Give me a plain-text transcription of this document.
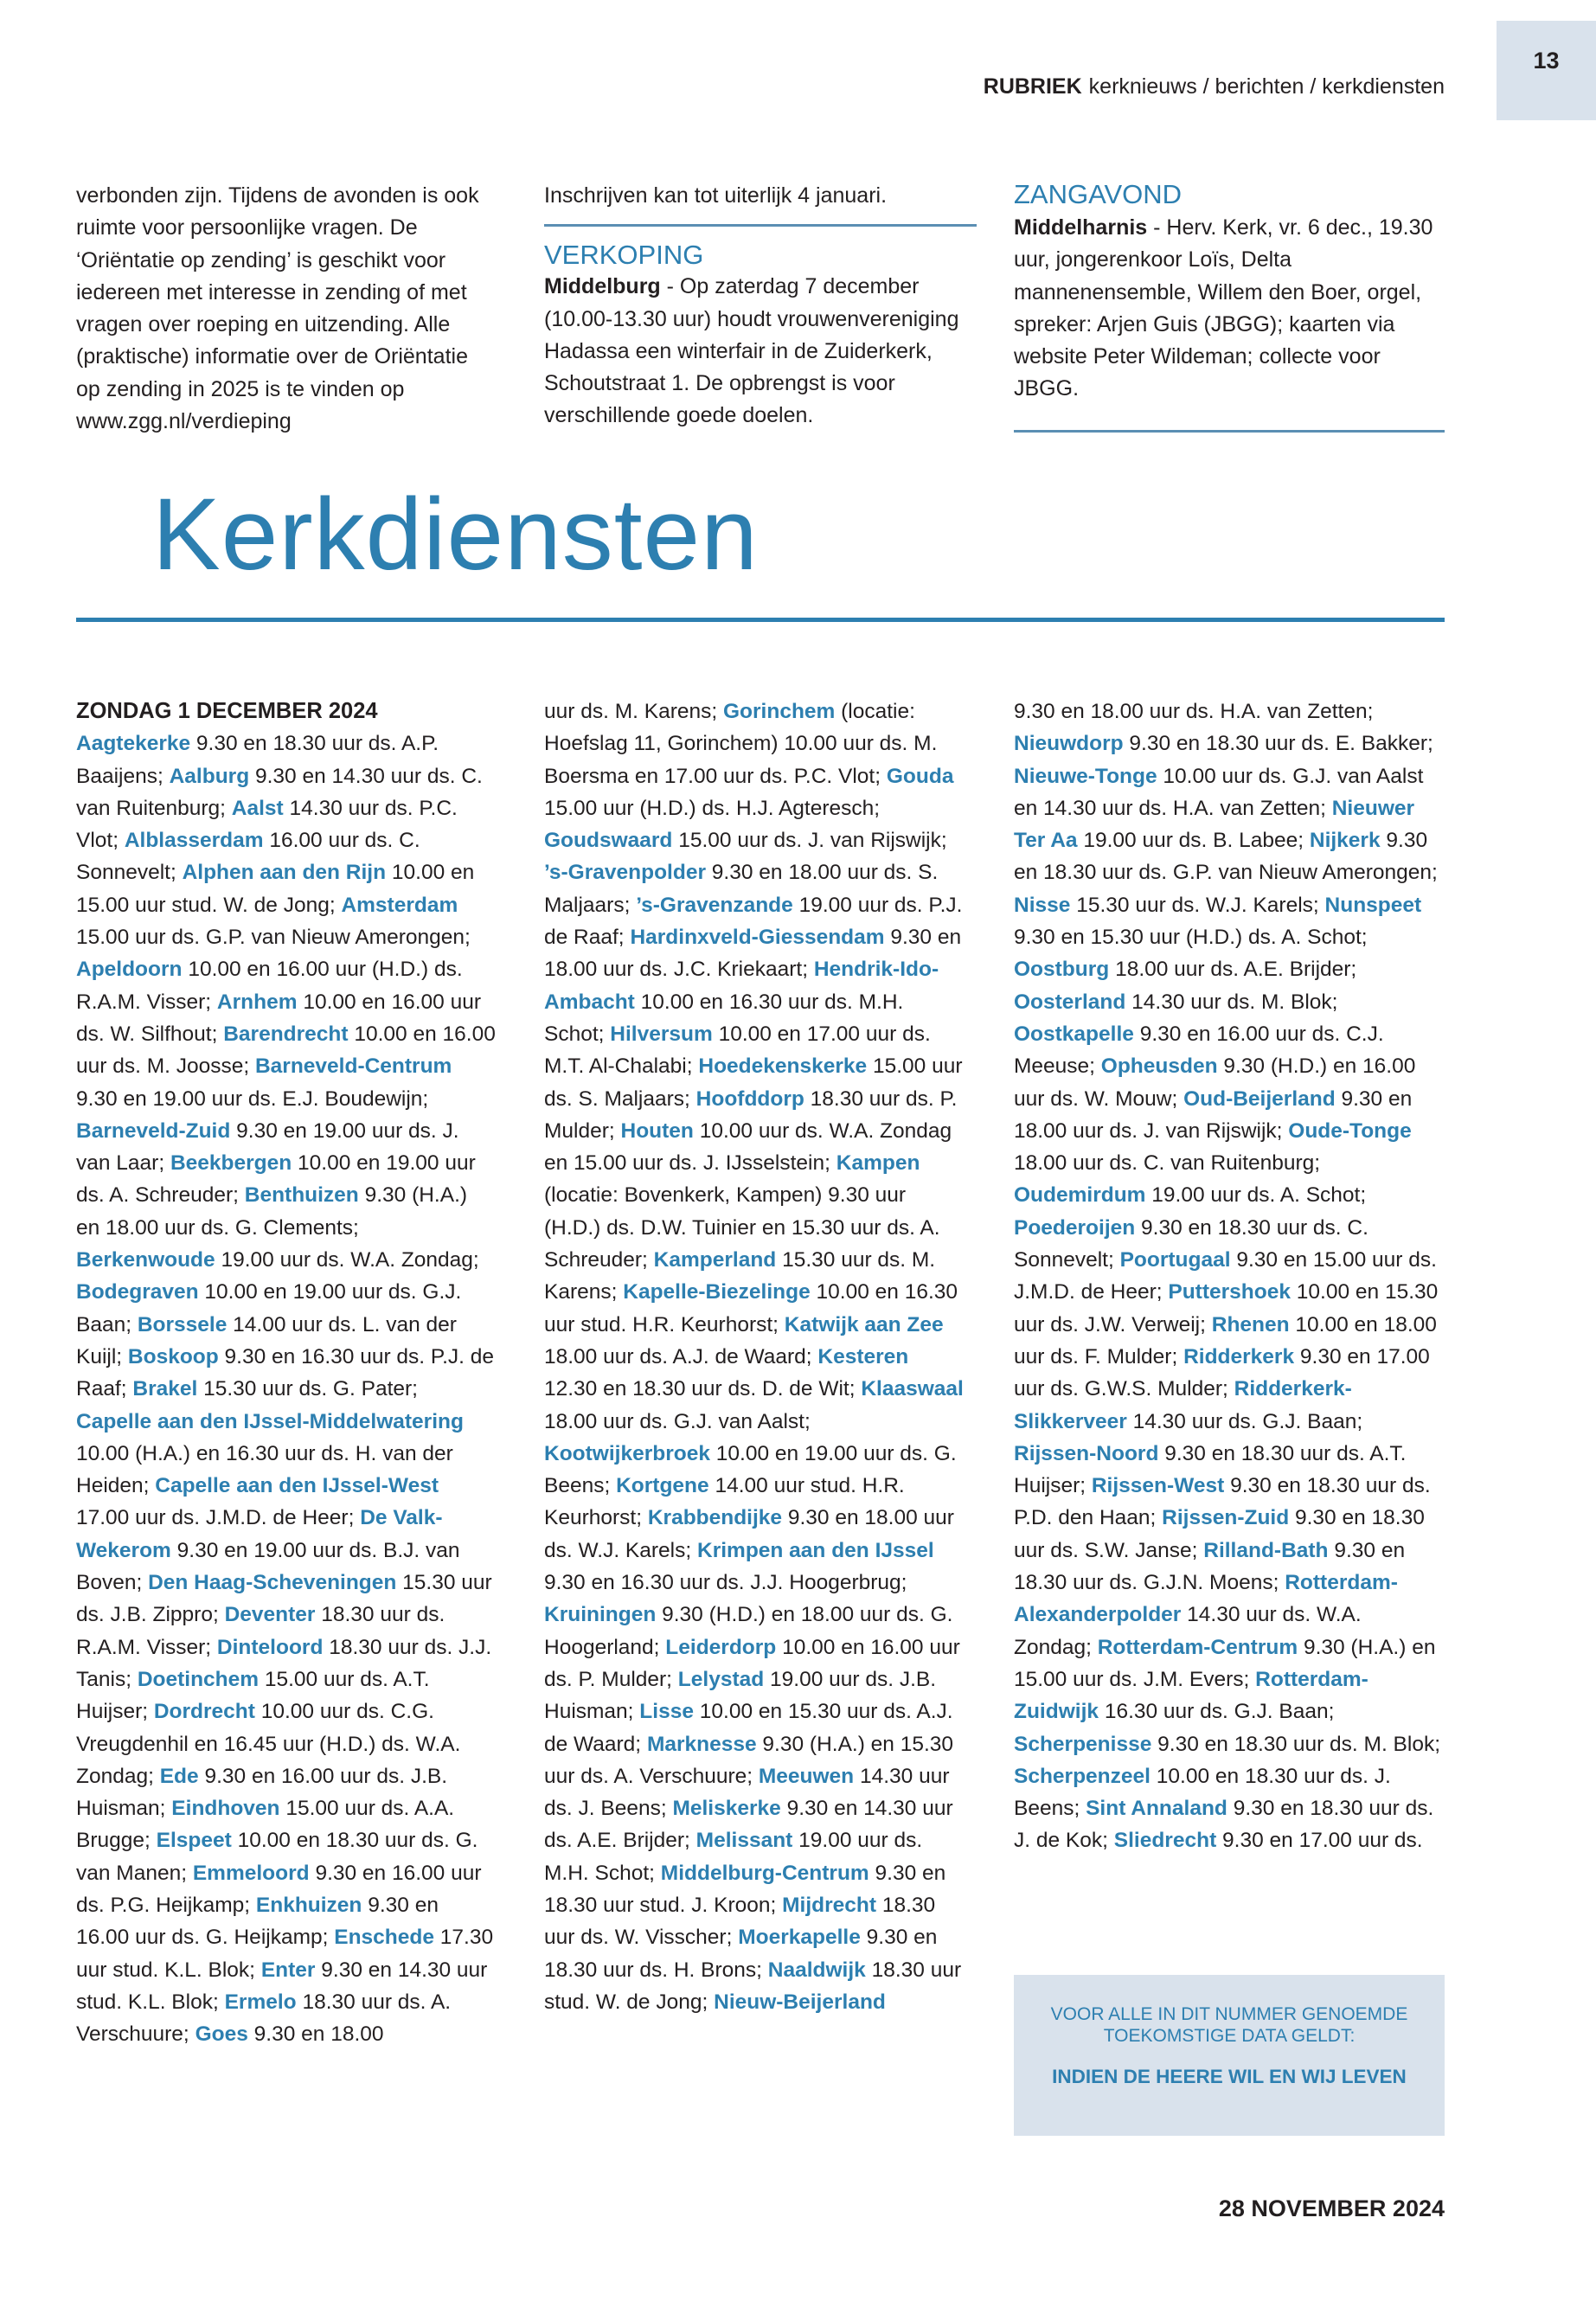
13
RUBRIEK kerknieuws / berichten / kerkdiensten

verbonden zijn. Tijdens de avonden is ook ruimte voor persoonlijke vragen. De ‘Oriëntatie op zending’ is geschikt voor iedereen met interesse in zending of met vragen over roeping en uitzending. Alle (praktische) informatie over de Oriëntatie op zending in 2025 is te vinden op www.zgg.nl/verdieping

Inschrijven kan tot uiterlijk 4 januari.

VERKOPING

Middelburg - Op zaterdag 7 december (10.00-13.30 uur) houdt vrouwenvereniging Hadassa een winterfair in de Zuiderkerk, Schoutstraat 1. De opbrengst is voor verschillende goede doelen.

ZANGAVOND

Middelharnis - Herv. Kerk, vr. 6 dec., 19.30 uur, jongerenkoor Loïs, Delta mannenensemble, Willem den Boer, orgel, spreker: Arjen Guis (JBGG); kaarten via website Peter Wildeman; collecte voor JBGG.

Kerkdiensten
ZONDAG 1 DECEMBER 2024
Aagtekerke 9.30 en 18.30 uur ds. A.P. Baaijens; Aalburg 9.30 en 14.30 uur ds. C. van Ruitenburg; Aalst 14.30 uur ds. P.C. Vlot; Alblasserdam 16.00 uur ds. C. Sonnevelt; Alphen aan den Rijn 10.00 en 15.00 uur stud. W. de Jong; Amsterdam 15.00 uur ds. G.P. van Nieuw Amerongen; Apeldoorn 10.00 en 16.00 uur (H.D.) ds. R.A.M. Visser; Arnhem 10.00 en 16.00 uur ds. W. Silfhout; Barendrecht 10.00 en 16.00 uur ds. M. Joosse; Barneveld-Centrum 9.30 en 19.00 uur ds. E.J. Boudewijn; Barneveld-Zuid 9.30 en 19.00 uur ds. J. van Laar; Beekbergen 10.00 en 19.00 uur ds. A. Schreuder; Benthuizen 9.30 (H.A.) en 18.00 uur ds. G. Clements; Berkenwoude 19.00 uur ds. W.A. Zondag; Bodegraven 10.00 en 19.00 uur ds. G.J. Baan; Borssele 14.00 uur ds. L. van der Kuijl; Boskoop 9.30 en 16.30 uur ds. P.J. de Raaf; Brakel 15.30 uur ds. G. Pater; Capelle aan den IJssel-Middelwatering 10.00 (H.A.) en 16.30 uur ds. H. van der Heiden; Capelle aan den IJssel-West 17.00 uur ds. J.M.D. de Heer; De Valk-Wekerom 9.30 en 19.00 uur ds. B.J. van Boven; Den Haag-Scheveningen 15.30 uur ds. J.B. Zippro; Deventer 18.30 uur ds. R.A.M. Visser; Dinteloord 18.30 uur ds. J.J. Tanis; Doetinchem 15.00 uur ds. A.T. Huijser; Dordrecht 10.00 uur ds. C.G. Vreugdenhil en 16.45 uur (H.D.) ds. W.A. Zondag; Ede 9.30 en 16.00 uur ds. J.B. Huisman; Eindhoven 15.00 uur ds. A.A. Brugge; Elspeet 10.00 en 18.30 uur ds. G. van Manen; Emmeloord 9.30 en 16.00 uur ds. P.G. Heijkamp; Enkhuizen 9.30 en 16.00 uur ds. G. Heijkamp; Enschede 17.30 uur stud. K.L. Blok; Enter 9.30 en 14.30 uur stud. K.L. Blok; Ermelo 18.30 uur ds. A. Verschuure; Goes 9.30 en 18.00
uur ds. M. Karens; Gorinchem (locatie: Hoefslag 11, Gorinchem) 10.00 uur ds. M. Boersma en 17.00 uur ds. P.C. Vlot; Gouda 15.00 uur (H.D.) ds. H.J. Agteresch; Goudswaard 15.00 uur ds. J. van Rijswijk; ’s-Gravenpolder 9.30 en 18.00 uur ds. S. Maljaars; ’s-Gravenzande 19.00 uur ds. P.J. de Raaf; Hardinxveld-Giessendam 9.30 en 18.00 uur ds. J.C. Kriekaart; Hendrik-Ido-Ambacht 10.00 en 16.30 uur ds. M.H. Schot; Hilversum 10.00 en 17.00 uur ds. M.T. Al-Chalabi; Hoedekenskerke 15.00 uur ds. S. Maljaars; Hoofddorp 18.30 uur ds. P. Mulder; Houten 10.00 uur ds. W.A. Zondag en 15.00 uur ds. J. IJsselstein; Kampen (locatie: Bovenkerk, Kampen) 9.30 uur (H.D.) ds. D.W. Tuinier en 15.30 uur ds. A. Schreuder; Kamperland 15.30 uur ds. M. Karens; Kapelle-Biezelinge 10.00 en 16.30 uur stud. H.R. Keurhorst; Katwijk aan Zee 18.00 uur ds. A.J. de Waard; Kesteren 12.30 en 18.30 uur ds. D. de Wit; Klaaswaal 18.00 uur ds. G.J. van Aalst; Kootwijkerbroek 10.00 en 19.00 uur ds. G. Beens; Kortgene 14.00 uur stud. H.R. Keurhorst; Krabbendijke 9.30 en 18.00 uur ds. W.J. Karels; Krimpen aan den IJssel 9.30 en 16.30 uur ds. J.J. Hoogerbrug; Kruiningen 9.30 (H.D.) en 18.00 uur ds. G. Hoogerland; Leiderdorp 10.00 en 16.00 uur ds. P. Mulder; Lelystad 19.00 uur ds. J.B. Huisman; Lisse 10.00 en 15.30 uur ds. A.J. de Waard; Marknesse 9.30 (H.A.) en 15.30 uur ds. A. Verschuure; Meeuwen 14.30 uur ds. J. Beens; Meliskerke 9.30 en 14.30 uur ds. A.E. Brijder; Melissant 19.00 uur ds. M.H. Schot; Middelburg-Centrum 9.30 en 18.30 uur stud. J. Kroon; Mijdrecht 18.30 uur ds. W. Visscher; Moerkapelle 9.30 en 18.30 uur ds. H. Brons; Naaldwijk 18.30 uur stud. W. de Jong; Nieuw-Beijerland
9.30 en 18.00 uur ds. H.A. van Zetten; Nieuwdorp 9.30 en 18.30 uur ds. E. Bakker; Nieuwe-Tonge 10.00 uur ds. G.J. van Aalst en 14.30 uur ds. H.A. van Zetten; Nieuwer Ter Aa 19.00 uur ds. B. Labee; Nijkerk 9.30 en 18.30 uur ds. G.P. van Nieuw Amerongen; Nisse 15.30 uur ds. W.J. Karels; Nunspeet 9.30 en 15.30 uur (H.D.) ds. A. Schot; Oostburg 18.00 uur ds. A.E. Brijder; Oosterland 14.30 uur ds. M. Blok; Oostkapelle 9.30 en 16.00 uur ds. C.J. Meeuse; Opheusden 9.30 (H.D.) en 16.00 uur ds. W. Mouw; Oud-Beijerland 9.30 en 18.00 uur ds. J. van Rijswijk; Oude-Tonge 18.00 uur ds. C. van Ruitenburg; Oudemirdum 19.00 uur ds. A. Schot; Poederoijen 9.30 en 18.30 uur ds. C. Sonnevelt; Poortugaal 9.30 en 15.00 uur ds. J.M.D. de Heer; Puttershoek 10.00 en 15.30 uur ds. J.W. Verweij; Rhenen 10.00 en 18.00 uur ds. F. Mulder; Ridderkerk 9.30 en 17.00 uur ds. G.W.S. Mulder; Ridderkerk-Slikkerveer 14.30 uur ds. G.J. Baan; Rijssen-Noord 9.30 en 18.30 uur ds. A.T. Huijser; Rijssen-West 9.30 en 18.30 uur ds. P.D. den Haan; Rijssen-Zuid 9.30 en 18.30 uur ds. S.W. Janse; Rilland-Bath 9.30 en 18.30 uur ds. G.J.N. Moens; Rotterdam-Alexanderpolder 14.30 uur ds. W.A. Zondag; Rotterdam-Centrum 9.30 (H.A.) en 15.00 uur ds. J.M. Evers; Rotterdam-Zuidwijk 16.30 uur ds. G.J. Baan; Scherpenisse 9.30 en 18.30 uur ds. M. Blok; Scherpenzeel 10.00 en 18.30 uur ds. J. Beens; Sint Annaland 9.30 en 18.30 uur ds. J. de Kok; Sliedrecht 9.30 en 17.00 uur ds.
VOOR ALLE IN DIT NUMMER GENOEMDE TOEKOMSTIGE DATA GELDT:
INDIEN DE HEERE WIL EN WIJ LEVEN
28 NOVEMBER 2024
